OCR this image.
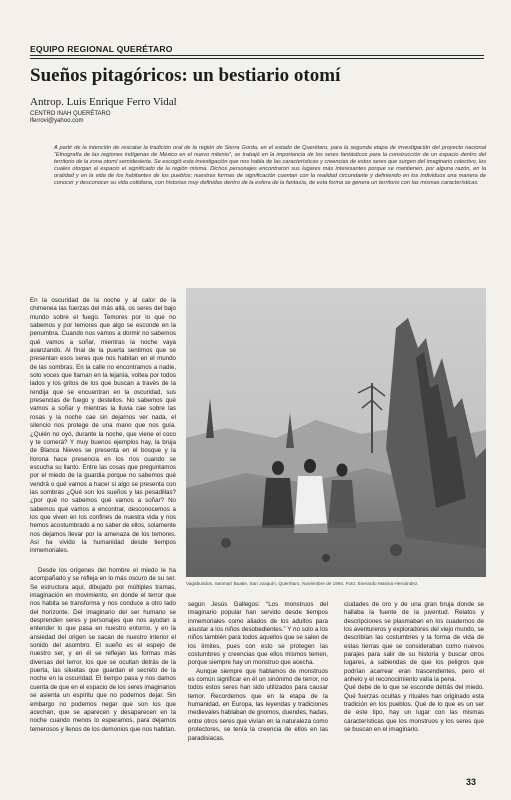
EQUIPO REGIONAL QUERÉTARO
Sueños pitagóricos: un bestiario otomí
Antrop. Luis Enrique Ferro Vidal
CENTRO INAH QUERÉTARO
lferrovi@yahoo.com
A partir de la intención de rescatar la tradición oral de la región de Sierra Gorda, en el estado de Querétaro, para la segunda etapa de investigación del proyecto nacional “Etnografía de las regiones indígenas de México en el nuevo milenio”, se trabajó en la importancia de los seres fantásticos para la construcción de un espacio dentro del territorio de la zona otomí semidesierta. Se escogió esta investigación que nos habla de las características y creencias de estos seres que surgen del imaginario colectivo, los cuales otorgan al espacio el significado de la región misma. Dichos personajes encontraron sus lugares más interesantes porque se mantienen, por alguna razón, en la oralidad y en la vida de los habitantes de los pueblos; nuestras formas de significación cuentan con la realidad circundante y definiendo en los individuos una manera de conocer y desconocer su vida cotidiana, con historias muy definidas dentro de la esfera de la fantasía, de esta forma se genera un territorio con las mismas características.

En la oscuridad de la noche y al calor de la chimenea las fuerzas del más allá, os seres del bajo mundo sobre el fuego. Temores por lo que no sabemos y por temores que algo se esconde en la penumbra. Cuando nos vamos a dormir no sabemos qué vamos a soñar, mientras la noche vaya avanzando. Al final de la puerta sentimos que se presentan esos seres que nos habitan en el mundo de las sombras. En la calle no encontramos a nadie, solo voces que llaman en la lejanía, voltea por todos lados y los gritos de los que buscan a través de la rendija que se encuentran en la oscuridad, sus presencias de fuego y destellos. No sabemos qué vamos a soñar y mientras la lluvia cae sobre las rosas y la noche cae sin dejarnos ver nada, el silencio nos protege de una mano que nos guía. ¿Quién no oyó, durante la noche, que viene el coco y te comerá? Y muy buenos ejemplos hay, la bruja de Blanca Nieves se presenta en el bosque y la llorona hace presencia en los ríos cuando se escucha su llanto. Entre las cosas que preguntamos por el miedo de la guardia porque no sabemos qué vendrá o qué vamos a hacer si algo se presenta con las sombras ¿Qué son los sueños y las pesadillas? ¿por qué no sabemos qué vamos a soñar? No sabemos qué vamos a encontrar, desconocemos a los que viven en los confines de nuestra vida y nos hemos acostumbrado a no saber de ellos, solamente nos dejamos llevar por la amenaza de los temores. Así ha vivido la humanidad desde tiempos inmemoriales.

Desde los orígenes del hombre el miedo le ha acompañado y se refleja en lo más oscuro de su ser. Se estructura aquí, dibujado por múltiples tramas, imaginación en movimiento, en donde el terror que nos habita se transforma y nos conduce a otro lado del horizonte. Del imaginario del ser humano se desprenden seres y personajes que nos ayudan a entender lo que pasa en nuestro entorno, y en la ansiedad del origen se sacan de nuestro interior el sonido del asombro. El sueño es el espejo de nuestro ser, y en él se reflejan las formas más diversas del terror, los que se ocultan detrás de la puerta, las siluetas que guardan el secreto de la noche en la oscuridad. El tiempo pasa y nos damos cuenta de que en el espacio de los seres imaginarios se asienta un espíritu que no podemos dejar. Sin embargo no podemos negar que son los que acechan, que se aparecen y desaparecen en la noche cuando menos lo esperamos, para dejarnos temerosos y llenos de los demonios que nos habitan.

Vagabundos, Sanmarí Buatie, San Joaquín, Querétaro, Noviembre de 1994. Foto: Everardo Masina Hernández.

según Jesús Gallegos: “Los monstruos del imaginario popular han servido desde tiempos inmemoriales como aliados de los adultos para asustar a los niños desobedientes.” Y no solo a los niños también para todos aquellos que se salen de los límites, pues con esto se protegen las costumbres y creencias que ellos mismos temen, porque siempre hay un monstruo que acecha.

Aunque siempre que hablamos de monstruos es común significar en él un sinónimo de terror, no todos estos seres han sido utilizados para causar temor. Recordemos que en la etapa de la humanidad, en Europa, las leyendas y tradiciones medievales hablaban de gnomos, duendes, hadas, entre otros seres que vivían en la naturaleza como protectores, se tenía la creencia de ellos en las paradisiacas.

ciudades de oro y de una gran bruja donde se hallaba la fuente de la juventud. Relatos y descripciones se plasmaban en los cuadernos de los aventureros y exploradores del viejo mundo, se describían las costumbres y la forma de vida de estas tierras que se consideraban como nuevos parajes para salir de su historia y buscar otros lugares, a sabiendas de que los peligros que podrían acarrear eran trascendentes, pero el anhelo y el reconocimiento valía la pena.

Qué debe de lo que se esconde detrás del miedo. Qué fuerzas ocultas y rituales han originado esta tradición en los pueblos. Qué de lo que es un ser de este tipo, hay un lugar con las mismas características que los monstruos y los seres que se buscan en el imaginario.

33
